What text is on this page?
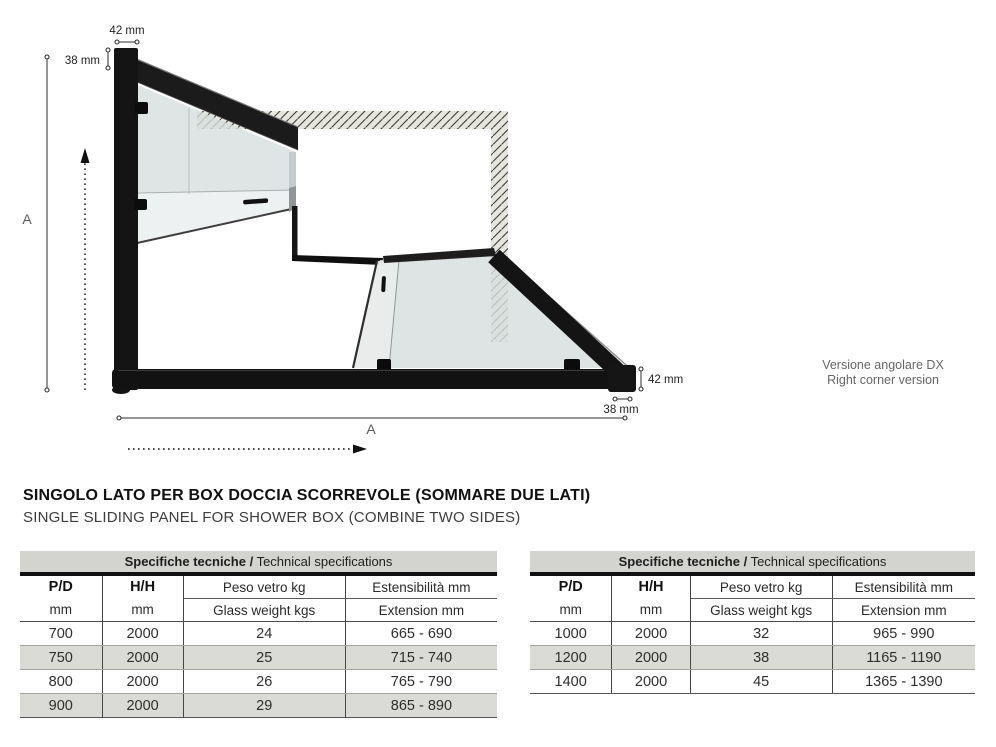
42 mm
38 mm
A
A
42 mm
38 mm
Versione angolare DX
Right corner version
SINGOLO LATO PER BOX DOCCIA SCORREVOLE (SOMMARE DUE LATI)
SINGLE SLIDING PANEL FOR SHOWER BOX (COMBINE TWO SIDES)
Specifiche tecniche / Technical specifications
P/D	H/H	Peso vetro kg	Estensibilità mm
mm	mm	Glass weight kgs	Extension mm
700	2000	24	665 - 690
750	2000	25	715 - 740
800	2000	26	765 - 790
900	2000	29	865 - 890
Specifiche tecniche / Technical specifications
P/D	H/H	Peso vetro kg	Estensibilità mm
mm	mm	Glass weight kgs	Extension mm
1000	2000	32	965 - 990
1200	2000	38	1165 - 1190
1400	2000	45	1365 - 1390
